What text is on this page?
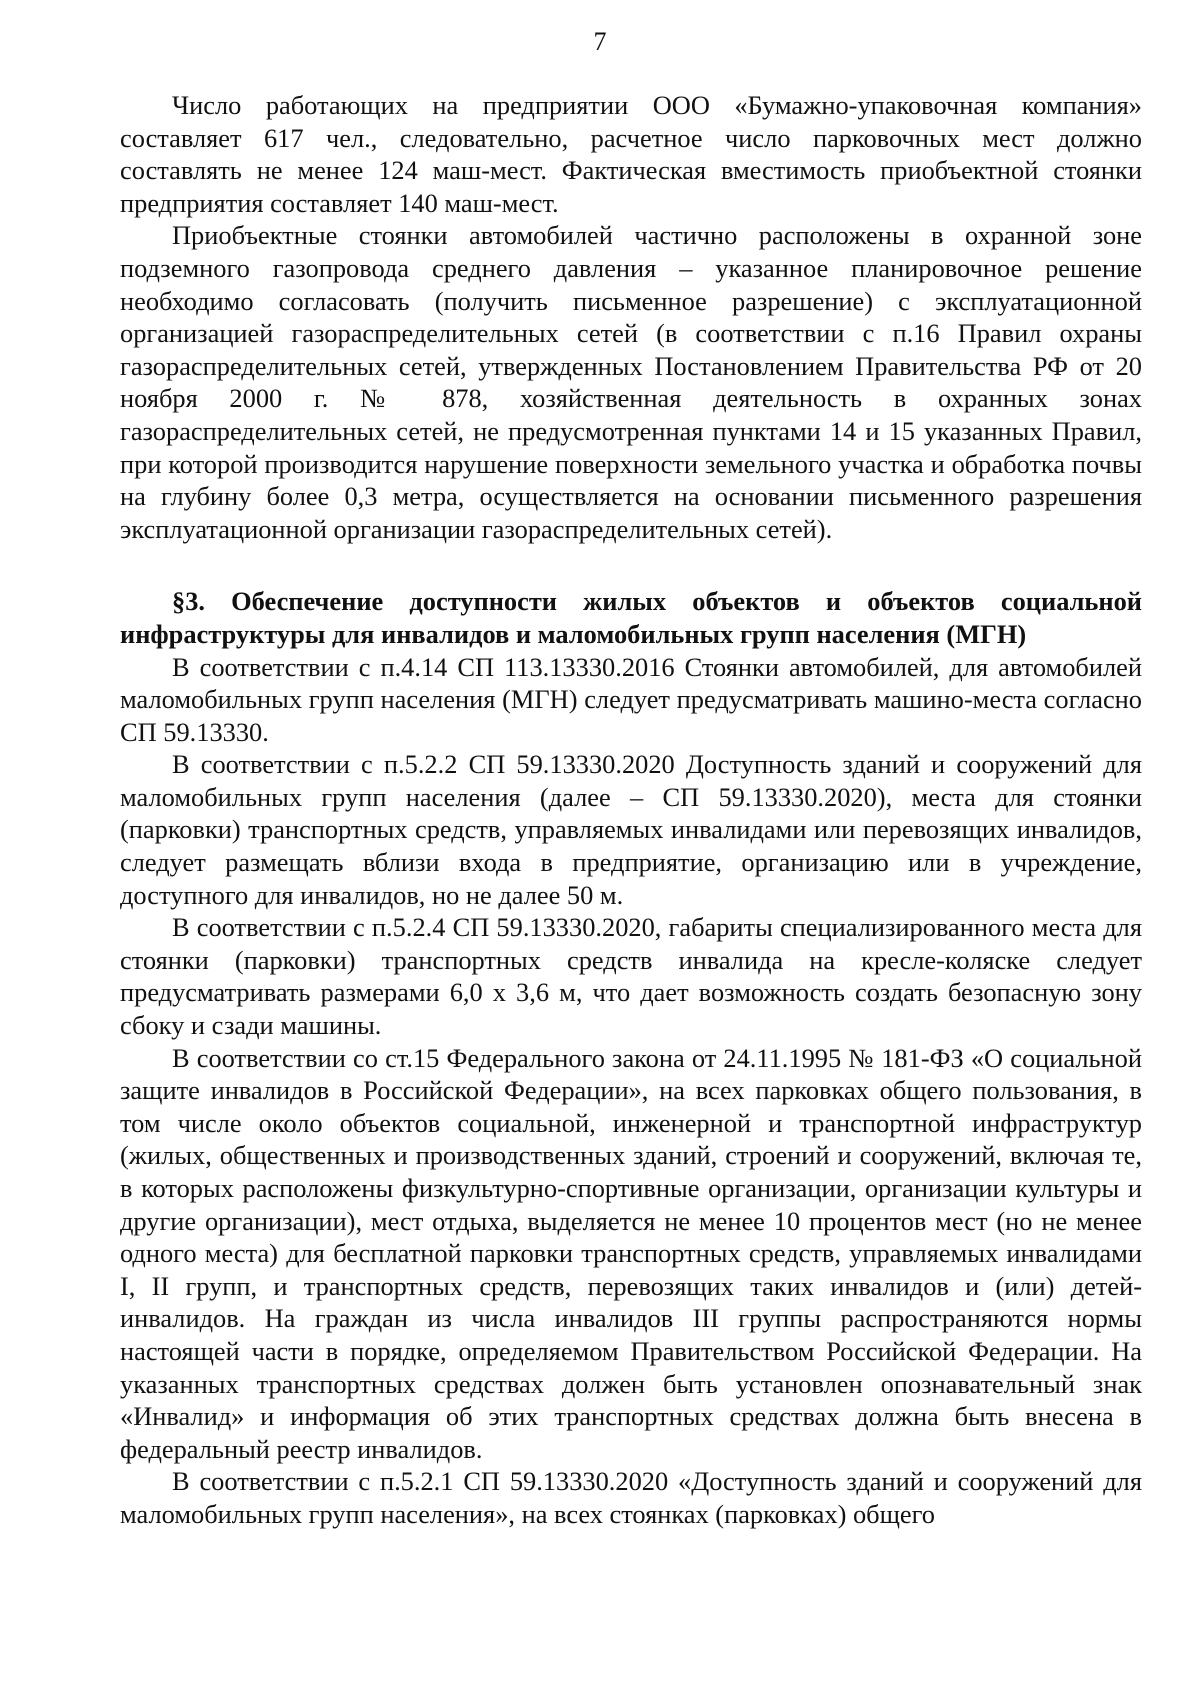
7

Число работающих на предприятии ООО «Бумажно-упаковочная компания» составляет 617 чел., следовательно, расчетное число парковочных мест должно составлять не менее 124 маш-мест. Фактическая вместимость приобъектной стоянки предприятия составляет 140 маш-мест.

Приобъектные стоянки автомобилей частично расположены в охранной зоне подземного газопровода среднего давления – указанное планировочное решение необходимо согласовать (получить письменное разрешение) с эксплуатационной организацией газораспределительных сетей (в соответствии с п.16 Правил охраны газораспределительных сетей, утвержденных Постановлением Правительства РФ от 20 ноября 2000 г. № 878, хозяйственная деятельность в охранных зонах газораспределительных сетей, не предусмотренная пунктами 14 и 15 указанных Правил, при которой производится нарушение поверхности земельного участка и обработка почвы на глубину более 0,3 метра, осуществляется на основании письменного разрешения эксплуатационной организации газораспределительных сетей).

§3. Обеспечение доступности жилых объектов и объектов социальной инфраструктуры для инвалидов и маломобильных групп населения (МГН)

В соответствии с п.4.14 СП 113.13330.2016 Стоянки автомобилей, для автомобилей маломобильных групп населения (МГН) следует предусматривать машино-места согласно СП 59.13330.

В соответствии с п.5.2.2 СП 59.13330.2020 Доступность зданий и сооружений для маломобильных групп населения (далее – СП 59.13330.2020), места для стоянки (парковки) транспортных средств, управляемых инвалидами или перевозящих инвалидов, следует размещать вблизи входа в предприятие, организацию или в учреждение, доступного для инвалидов, но не далее 50 м.

В соответствии с п.5.2.4 СП 59.13330.2020, габариты специализированного места для стоянки (парковки) транспортных средств инвалида на кресле-коляске следует предусматривать размерами 6,0 х 3,6 м, что дает возможность создать безопасную зону сбоку и сзади машины.

В соответствии со ст.15 Федерального закона от 24.11.1995 № 181-ФЗ «О социальной защите инвалидов в Российской Федерации», на всех парковках общего пользования, в том числе около объектов социальной, инженерной и транспортной инфраструктур (жилых, общественных и производственных зданий, строений и сооружений, включая те, в которых расположены физкультурно-спортивные организации, организации культуры и другие организации), мест отдыха, выделяется не менее 10 процентов мест (но не менее одного места) для бесплатной парковки транспортных средств, управляемых инвалидами I, II групп, и транспортных средств, перевозящих таких инвалидов и (или) детей-инвалидов. На граждан из числа инвалидов III группы распространяются нормы настоящей части в порядке, определяемом Правительством Российской Федерации. На указанных транспортных средствах должен быть установлен опознавательный знак «Инвалид» и информация об этих транспортных средствах должна быть внесена в федеральный реестр инвалидов.

В соответствии с п.5.2.1 СП 59.13330.2020 «Доступность зданий и сооружений для маломобильных групп населения», на всех стоянках (парковках) общего
